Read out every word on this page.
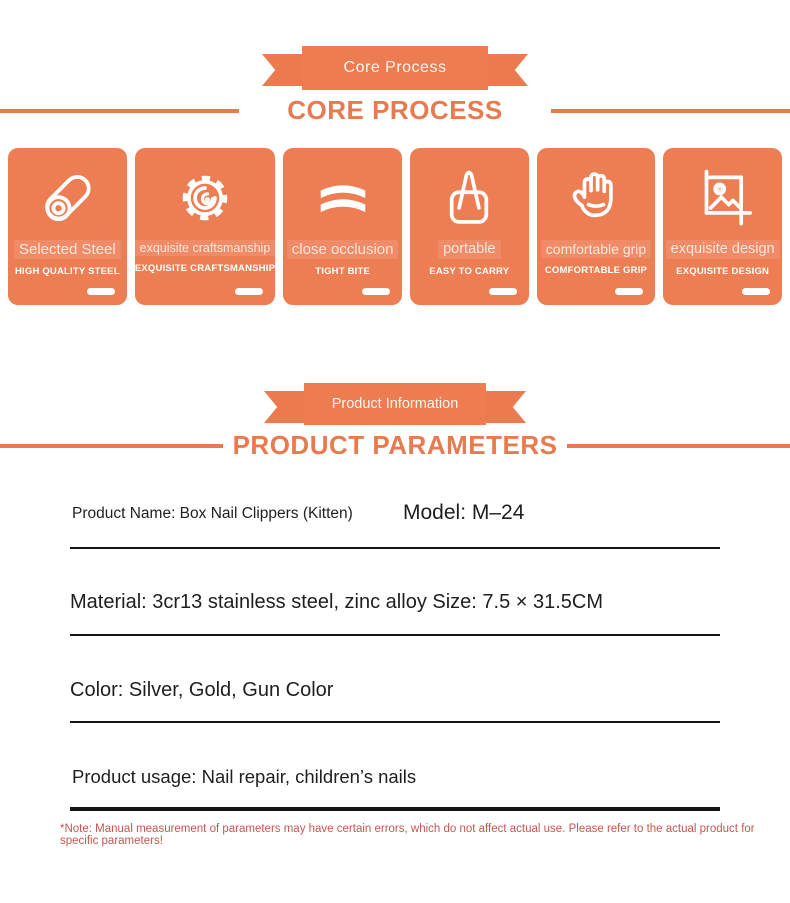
Core Process
CORE PROCESS
Selected Steel
HIGH QUALITY STEEL
exquisite craftsmanship
EXQUISITE CRAFTSMANSHIP
close occlusion
TIGHT BITE
portable
EASY TO CARRY
comfortable grip
COMFORTABLE GRIP
exquisite design
EXQUISITE DESIGN
Product Information
PRODUCT PARAMETERS
Product Name: Box Nail Clippers (Kitten) Model: M–24
Material: 3cr13 stainless steel, zinc alloy Size: 7.5 × 31.5CM
Color: Silver, Gold, Gun Color
Product usage: Nail repair, children’s nails
*Note: Manual measurement of parameters may have certain errors, which do not affect actual use. Please refer to the actual product for specific parameters!
